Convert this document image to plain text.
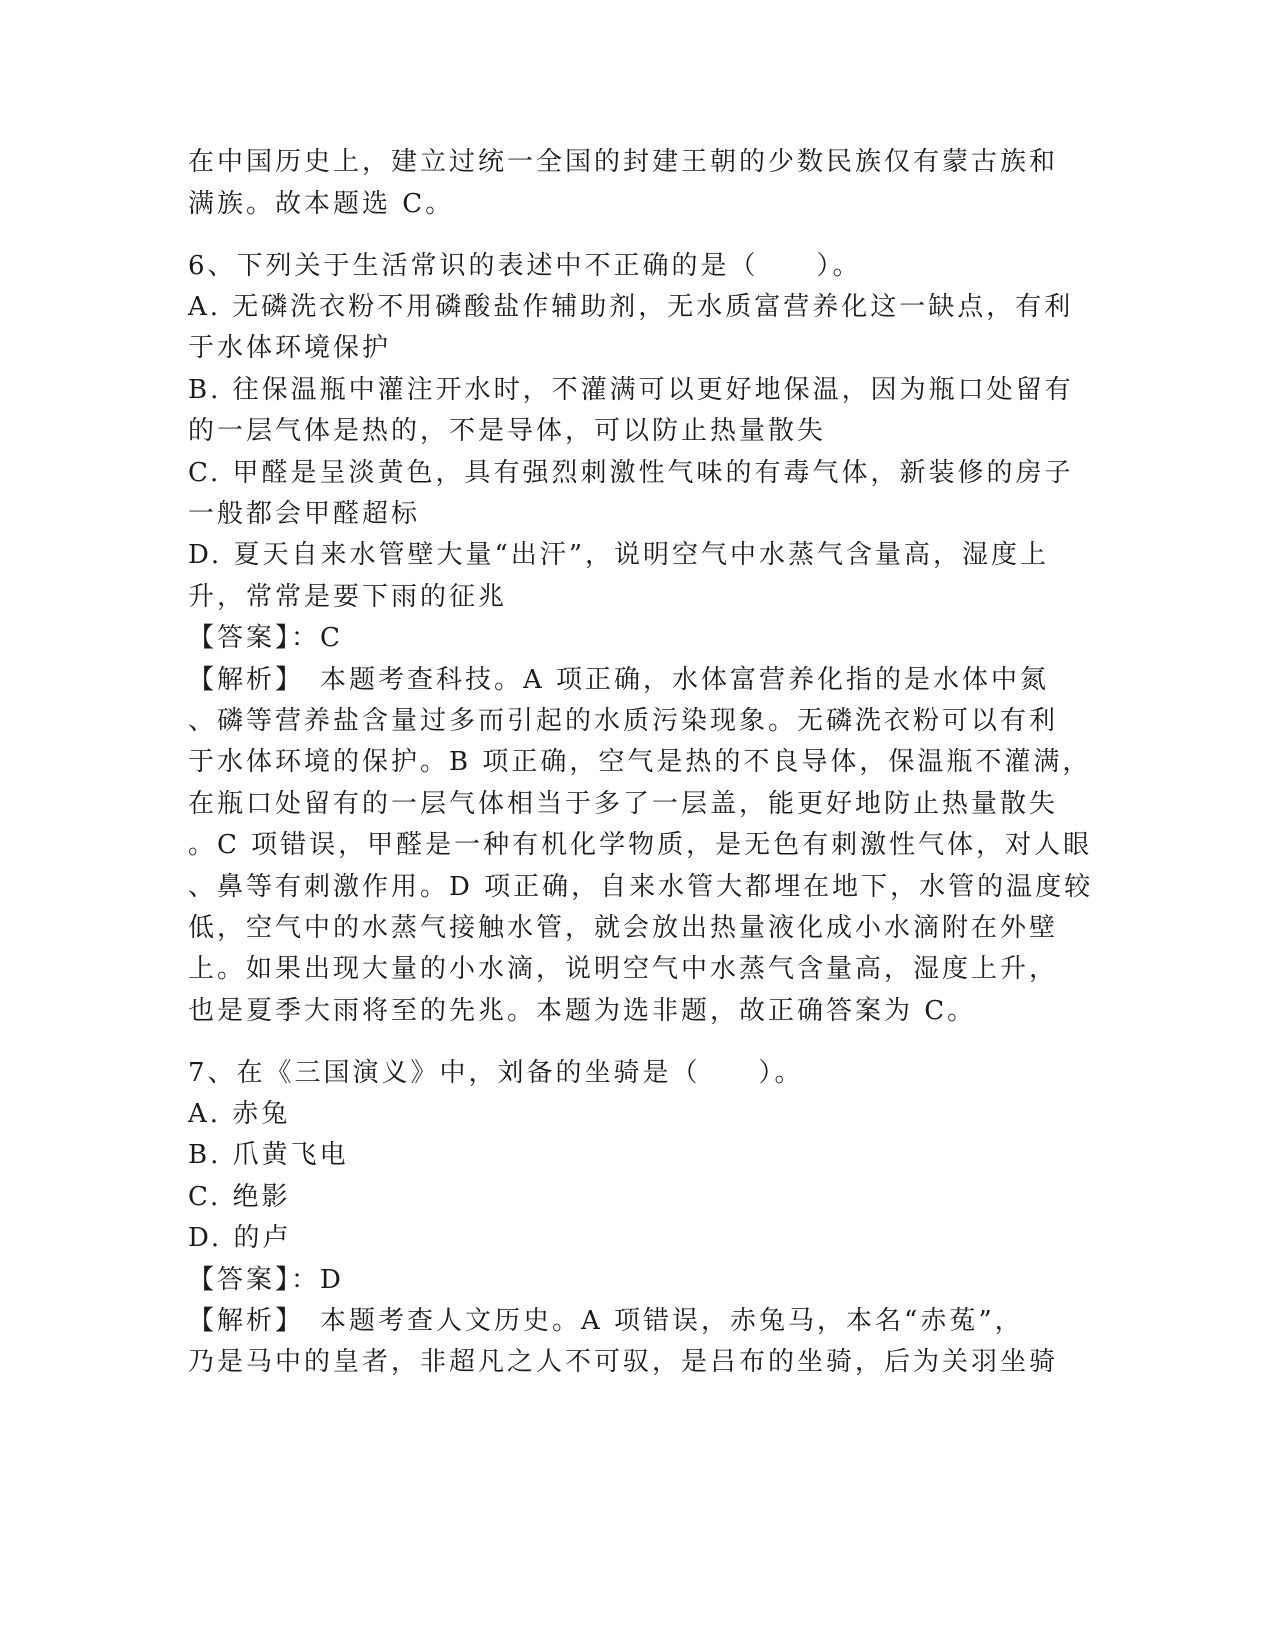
在中国历史上，建立过统一全国的封建王朝的少数民族仅有蒙古族和
满族。故本题选 C。
6、下列关于生活常识的表述中不正确的是（　　）。
A. 无磷洗衣粉不用磷酸盐作辅助剂，无水质富营养化这一缺点，有利
于水体环境保护
B. 往保温瓶中灌注开水时，不灌满可以更好地保温，因为瓶口处留有
的一层气体是热的，不是导体，可以防止热量散失
C. 甲醛是呈淡黄色，具有强烈刺激性气味的有毒气体，新装修的房子
一般都会甲醛超标
D. 夏天自来水管壁大量“出汗”，说明空气中水蒸气含量高，湿度上
升，常常是要下雨的征兆
【答案】：C
【解析】　本题考查科技。A 项正确，水体富营养化指的是水体中氮
、磷等营养盐含量过多而引起的水质污染现象。无磷洗衣粉可以有利
于水体环境的保护。B 项正确，空气是热的不良导体，保温瓶不灌满，
在瓶口处留有的一层气体相当于多了一层盖，能更好地防止热量散失
。C 项错误，甲醛是一种有机化学物质，是无色有刺激性气体，对人眼
、鼻等有刺激作用。D 项正确，自来水管大都埋在地下，水管的温度较
低，空气中的水蒸气接触水管，就会放出热量液化成小水滴附在外壁
上。如果出现大量的小水滴，说明空气中水蒸气含量高，湿度上升，
也是夏季大雨将至的先兆。本题为选非题，故正确答案为 C。
7、在《三国演义》中，刘备的坐骑是（　　）。
A. 赤兔
B. 爪黄飞电
C. 绝影
D. 的卢
【答案】：D
【解析】　本题考查人文历史。A 项错误，赤兔马，本名“赤菟”，
乃是马中的皇者，非超凡之人不可驭，是吕布的坐骑，后为关羽坐骑
